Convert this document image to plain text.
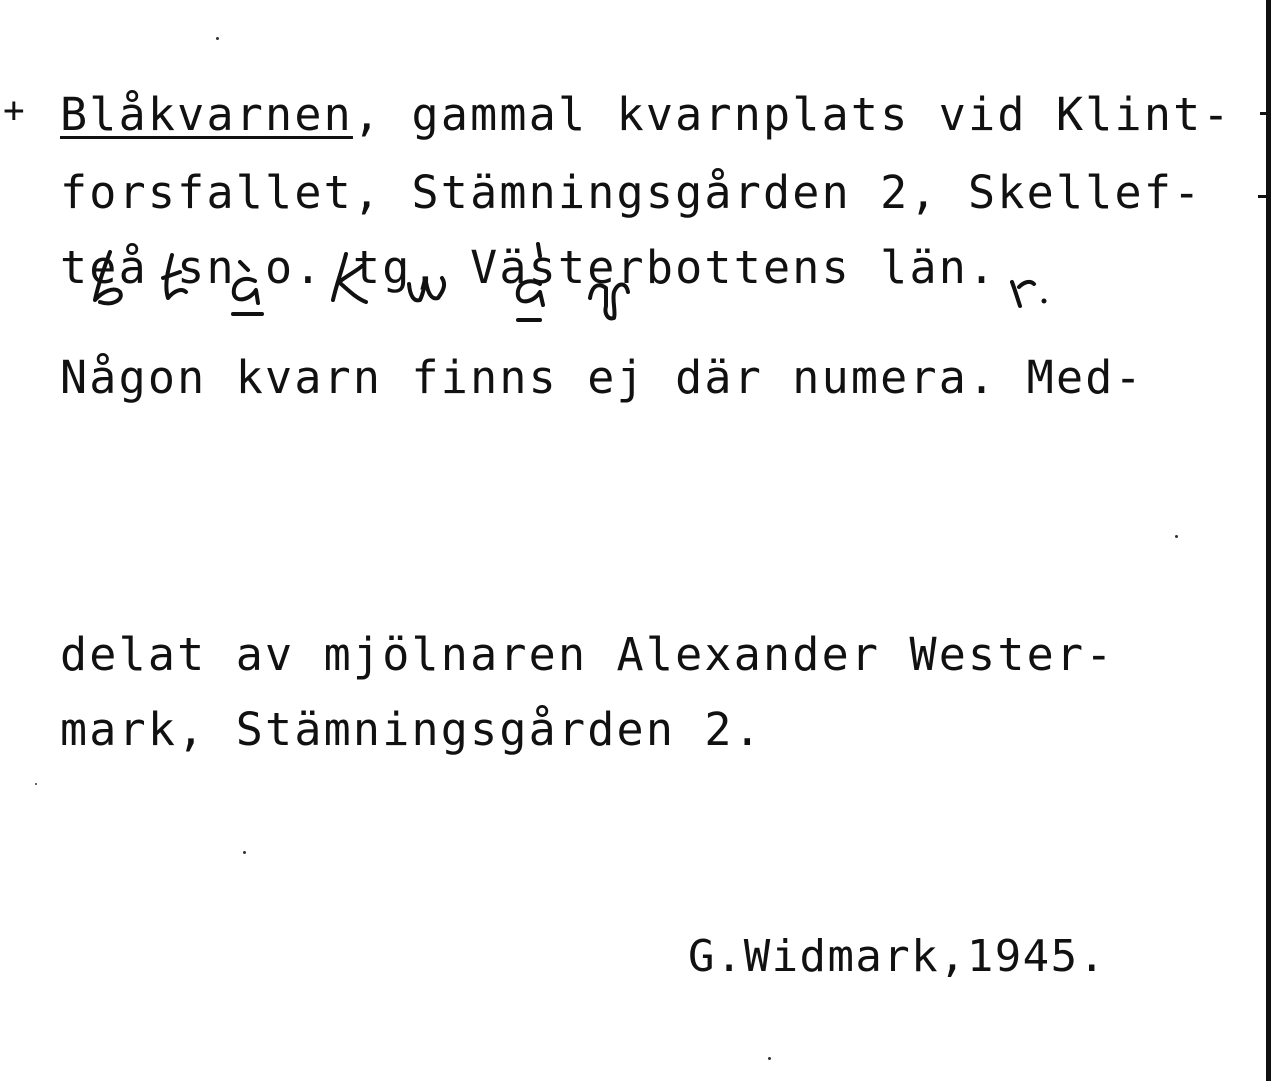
+ Blåkvarnen, gammal kvarnplats vid Klint-
forsfallet, Stämningsgården 2, Skellef-
teå sn o. tg, Västerbottens län.
Någon kvarn finns ej där numera. Med-
delat av mjölnaren Alexander Wester-
mark, Stämningsgården 2.
G.Widmark,1945.
